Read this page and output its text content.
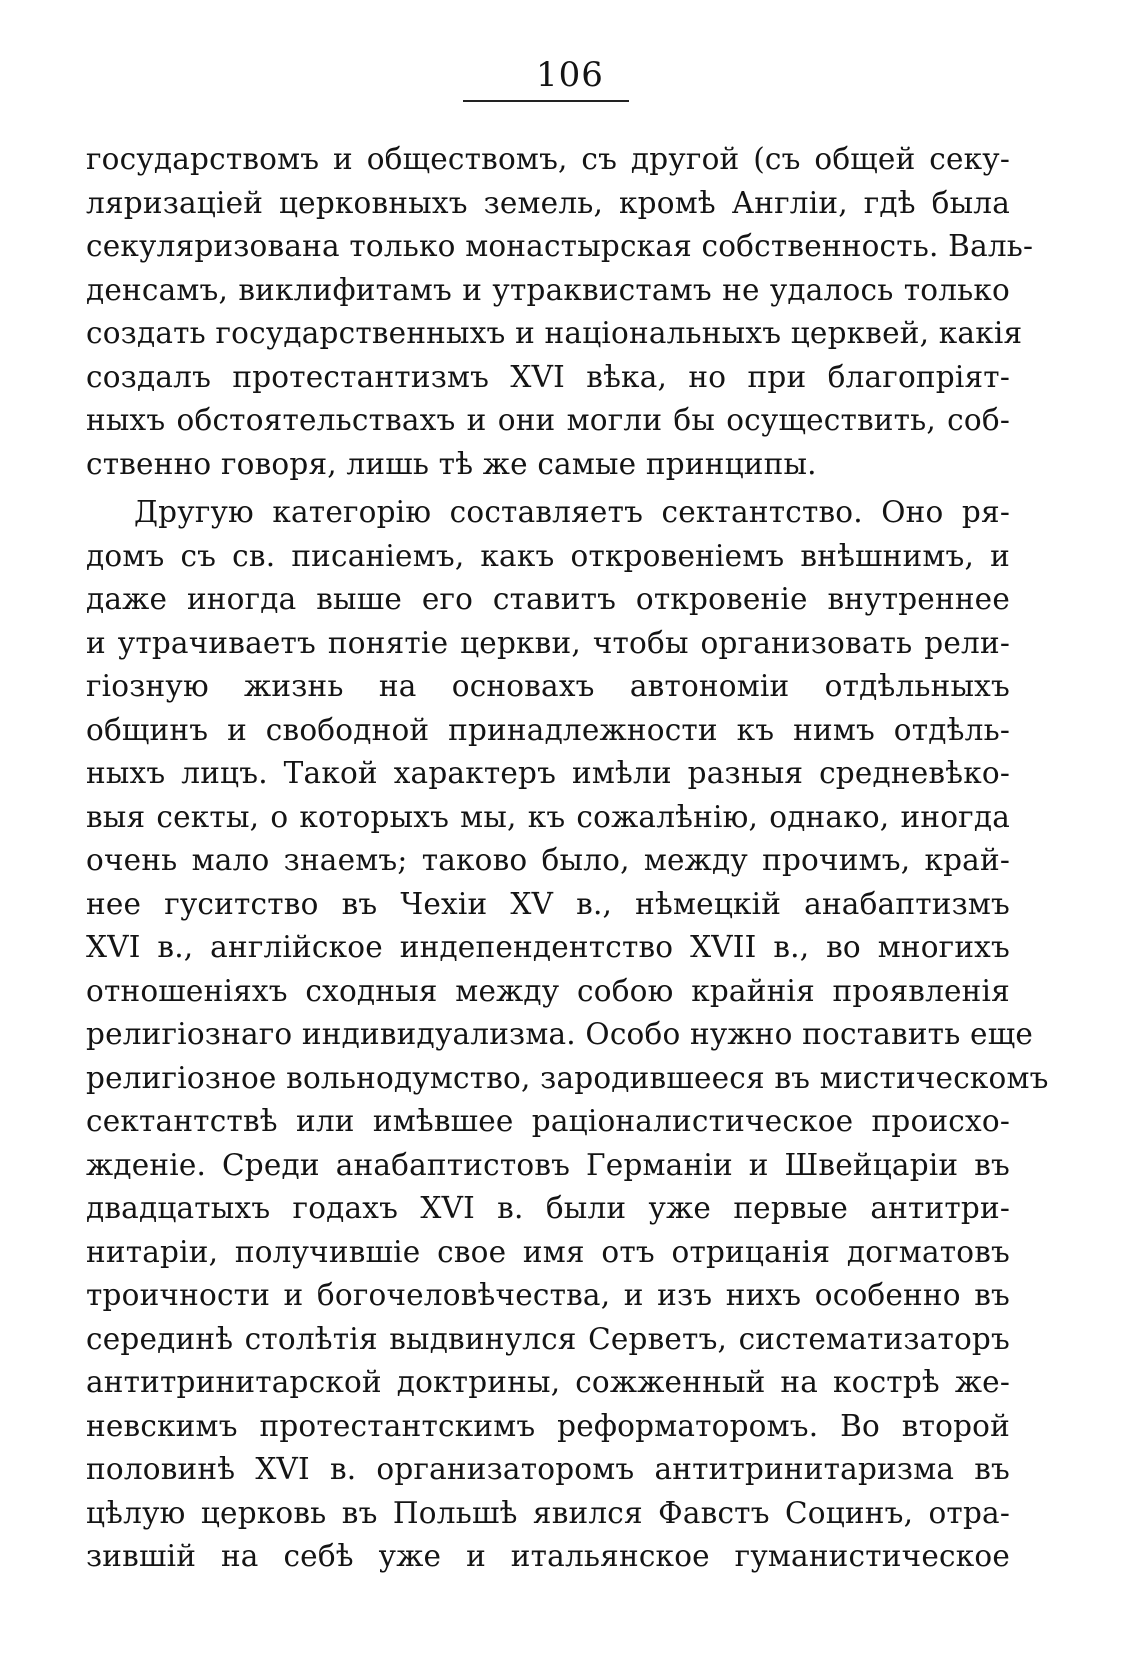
106
государствомъ и обществомъ, съ другой (съ общей секу-
ляризацiей церковныхъ земель, кромѣ Англiи, гдѣ была
секуляризована только монастырская собственность. Валь-
денсамъ, виклифитамъ и утраквистамъ не удалось только
создать государственныхъ и нацiональныхъ церквей, какiя
создалъ протестантизмъ XVI вѣка, но при благопрiят-
ныхъ обстоятельствахъ и они могли бы осуществить, соб-
ственно говоря, лишь тѣ же самые принципы.
Другую категорiю составляетъ сектантство. Оно ря-
домъ съ св. писанiемъ, какъ откровенiемъ внѣшнимъ, и
даже иногда выше его ставитъ откровенiе внутреннее
и утрачиваетъ понятiе церкви, чтобы организовать рели-
гiозную жизнь на основахъ автономiи отдѣльныхъ
общинъ и свободной принадлежности къ нимъ отдѣль-
ныхъ лицъ. Такой характеръ имѣли разныя средневѣко-
выя секты, о которыхъ мы, къ сожалѣнiю, однако, иногда
очень мало знаемъ; таково было, между прочимъ, край-
нее гуситство въ Чехiи XV в., нѣмецкiй анабаптизмъ
XVI в., англiйское индепендентство XVII в., во многихъ
отношенiяхъ сходныя между собою крайнiя проявленiя
религiознаго индивидуализма. Особо нужно поставить еще
религiозное вольнодумство, зародившееся въ мистическомъ
сектантствѣ или имѣвшее рацiоналистическое происхо-
жденiе. Среди анабаптистовъ Германiи и Швейцарiи въ
двадцатыхъ годахъ XVI в. были уже первые антитри-
нитарiи, получившiе свое имя отъ отрицанiя догматовъ
троичности и богочеловѣчества, и изъ нихъ особенно въ
серединѣ столѣтiя выдвинулся Серветъ, систематизаторъ
антитринитарской доктрины, сожженный на кострѣ же-
невскимъ протестантскимъ реформаторомъ. Во второй
половинѣ XVI в. организаторомъ антитринитаризма въ
цѣлую церковь въ Польшѣ явился Фавстъ Социнъ, отра-
зившiй на себѣ уже и итальянское гуманистическое
